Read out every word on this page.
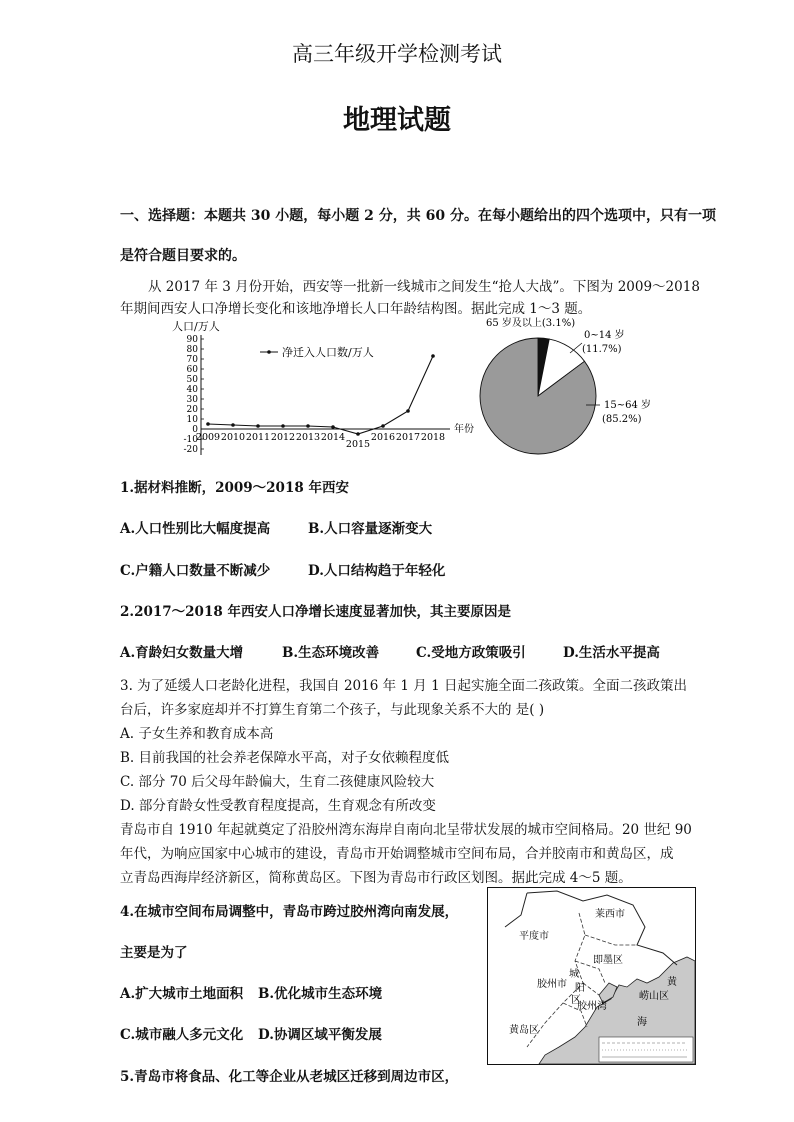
高三年级开学检测考试
地理试题
一、选择题：本题共 30 小题，每小题 2 分，共 60 分。在每小题给出的四个选项中，只有一项
是符合题目要求的。
从 2017 年 3 月份开始，西安等一批新一线城市之间发生“抢人大战”。下图为 2009～2018
年期间西安人口净增长变化和该地净增长人口年龄结构图。据此完成 1～3 题。
人口/万人
90
80
70
60
50
40
30
20
10
0
-10
-20
年份
2009 2010 2011 2012 2013 2014
2015
2016 2017 2018
净迁入人口数/万人
65 岁及以上(3.1%)
0~14 岁
(11.7%)
15~64 岁
(85.2%)
1.据材料推断，2009～2018 年西安
A.人口性别比大幅度提高	B.人口容量逐渐变大
C.户籍人口数量不断减少	D.人口结构趋于年轻化
2.2017～2018 年西安人口净增长速度显著加快，其主要原因是
A.育龄妇女数量大增	B.生态环境改善	C.受地方政策吸引	D.生活水平提高
3. 为了延缓人口老龄化进程，我国自 2016 年 1 月 1 日起实施全面二孩政策。全面二孩政策出
台后，许多家庭却并不打算生育第二个孩子，与此现象关系不大的 是( )
A. 子女生养和教育成本高
B. 目前我国的社会养老保障水平高，对子女依赖程度低
C. 部分 70 后父母年龄偏大，生育二孩健康风险较大
D. 部分育龄女性受教育程度提高，生育观念有所改变
青岛市自 1910 年起就奠定了沿胶州湾东海岸自南向北呈带状发展的城市空间格局。20 世纪 90
年代，为响应国家中心城市的建设，青岛市开始调整城市空间布局，合并胶南市和黄岛区，成
立青岛西海岸经济新区，简称黄岛区。下图为青岛市行政区划图。据此完成 4～5 题。
4.在城市空间布局调整中，青岛市跨过胶州湾向南发展，
主要是为了
A.扩大城市土地面积 B.优化城市生态环境
C.城市融人多元文化 D.协调区域平衡发展
5.青岛市将食品、化工等企业从老城区迁移到周边市区，
莱西市
平度市
即墨区
城
阳
区
胶州市
胶州湾
崂山区
黄岛区
黄
海
